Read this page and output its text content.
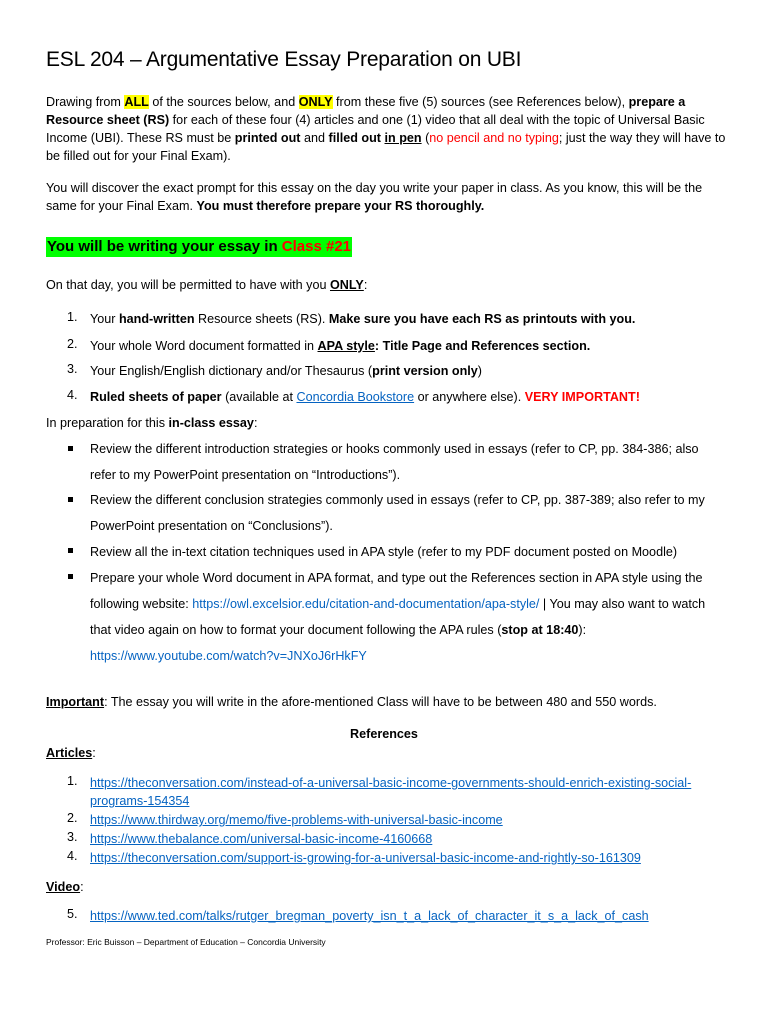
ESL 204 – Argumentative Essay Preparation on UBI
Drawing from ALL of the sources below, and ONLY from these five (5) sources (see References below), prepare a Resource sheet (RS) for each of these four (4) articles and one (1) video that all deal with the topic of Universal Basic Income (UBI). These RS must be printed out and filled out in pen (no pencil and no typing; just the way they will have to be filled out for your Final Exam).
You will discover the exact prompt for this essay on the day you write your paper in class. As you know, this will be the same for your Final Exam. You must therefore prepare your RS thoroughly.
You will be writing your essay in Class #21
On that day, you will be permitted to have with you ONLY:
1. Your hand-written Resource sheets (RS). Make sure you have each RS as printouts with you.
2. Your whole Word document formatted in APA style: Title Page and References section.
3. Your English/English dictionary and/or Thesaurus (print version only)
4. Ruled sheets of paper (available at Concordia Bookstore or anywhere else). VERY IMPORTANT!
In preparation for this in-class essay:
Review the different introduction strategies or hooks commonly used in essays (refer to CP, pp. 384-386; also refer to my PowerPoint presentation on “Introductions”).
Review the different conclusion strategies commonly used in essays (refer to CP, pp. 387-389; also refer to my PowerPoint presentation on “Conclusions”).
Review all the in-text citation techniques used in APA style (refer to my PDF document posted on Moodle)
Prepare your whole Word document in APA format, and type out the References section in APA style using the following website: https://owl.excelsior.edu/citation-and-documentation/apa-style/ | You may also want to watch that video again on how to format your document following the APA rules (stop at 18:40):
https://www.youtube.com/watch?v=JNXoJ6rHkFY
Important: The essay you will write in the afore-mentioned Class will have to be between 480 and 550 words.
References
Articles:
1. https://theconversation.com/instead-of-a-universal-basic-income-governments-should-enrich-existing-social-programs-154354
2. https://www.thirdway.org/memo/five-problems-with-universal-basic-income
3. https://www.thebalance.com/universal-basic-income-4160668
4. https://theconversation.com/support-is-growing-for-a-universal-basic-income-and-rightly-so-161309
Video:
5. https://www.ted.com/talks/rutger_bregman_poverty_isn_t_a_lack_of_character_it_s_a_lack_of_cash
Professor: Eric Buisson – Department of Education – Concordia University
